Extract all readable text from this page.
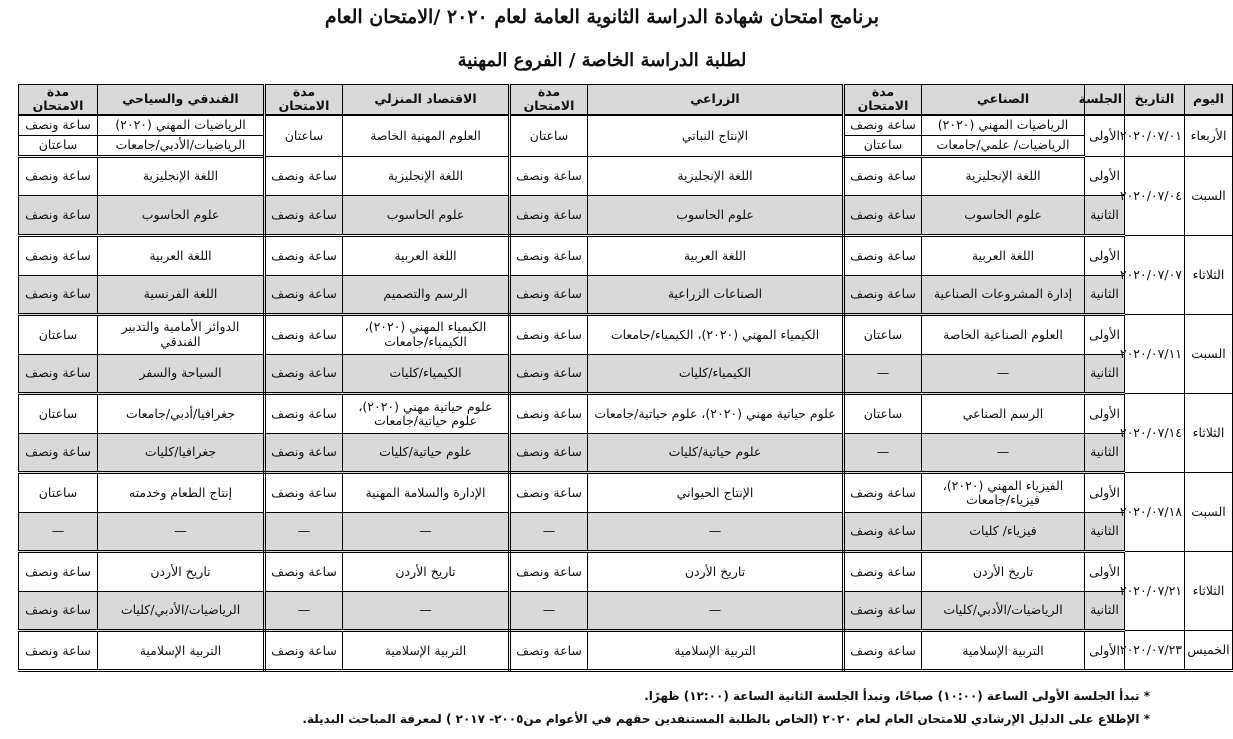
برنامج امتحان شهادة الدراسة الثانوية العامة لعام ٢٠٢٠ /الامتحان العام
لطلبة الدراسة الخاصة / الفروع المهنية
اليوم	التاريخ	الجلسة	الصناعي	مدة الامتحان	الزراعي	مدة الامتحان	الاقتصاد المنزلي	مدة الامتحان	الفندقي والسياحي	مدة الامتحان
الأربعاء	٢٠٢٠/٠٧/٠١	الأولى	الرياضيات المهني (٢٠٢٠)	ساعة ونصف	الإنتاج النباتي	ساعتان	العلوم المهنية الخاصة	ساعتان	الرياضيات المهني (٢٠٢٠)	ساعة ونصف
			الرياضيات/ علمي/جامعات	ساعتان					الرياضيات/الأدبي/جامعات	ساعتان
السبت	٢٠٢٠/٠٧/٠٤	الأولى	اللغة الإنجليزية	ساعة ونصف	اللغة الإنجليزية	ساعة ونصف	اللغة الإنجليزية	ساعة ونصف	اللغة الإنجليزية	ساعة ونصف
		الثانية	علوم الحاسوب	ساعة ونصف	علوم الحاسوب	ساعة ونصف	علوم الحاسوب	ساعة ونصف	علوم الحاسوب	ساعة ونصف
الثلاثاء	٢٠٢٠/٠٧/٠٧	الأولى	اللغة العربية	ساعة ونصف	اللغة العربية	ساعة ونصف	اللغة العربية	ساعة ونصف	اللغة العربية	ساعة ونصف
		الثانية	إدارة المشروعات الصناعية	ساعة ونصف	الصناعات الزراعية	ساعة ونصف	الرسم والتصميم	ساعة ونصف	اللغة الفرنسية	ساعة ونصف
السبت	٢٠٢٠/٠٧/١١	الأولى	العلوم الصناعية الخاصة	ساعتان	الكيمياء المهني (٢٠٢٠)، الكيمياء/جامعات	ساعة ونصف	الكيمياء المهني (٢٠٢٠)، الكيمياء/جامعات	ساعة ونصف	الدوائر الأمامية والتدبير الفندقي	ساعتان
		الثانية	—	—	الكيمياء/كليات	ساعة ونصف	الكيمياء/كليات	ساعة ونصف	السياحة والسفر	ساعة ونصف
الثلاثاء	٢٠٢٠/٠٧/١٤	الأولى	الرسم الصناعي	ساعتان	علوم حياتية مهني (٢٠٢٠)، علوم حياتية/جامعات	ساعة ونصف	علوم حياتية مهني (٢٠٢٠)، علوم حياتية/جامعات	ساعة ونصف	جغرافيا/أدبي/جامعات	ساعتان
		الثانية	—	—	علوم حياتية/كليات	ساعة ونصف	علوم حياتية/كليات	ساعة ونصف	جغرافيا/كليات	ساعة ونصف
السبت	٢٠٢٠/٠٧/١٨	الأولى	الفيزياء المهني (٢٠٢٠)، فيزياء/جامعات	ساعة ونصف	الإنتاج الحيواني	ساعة ونصف	الإدارة والسلامة المهنية	ساعة ونصف	إنتاج الطعام وخدمته	ساعتان
		الثانية	فيزياء/ كليات	ساعة ونصف	—	—	—	—	—	—
الثلاثاء	٢٠٢٠/٠٧/٢١	الأولى	تاريخ الأردن	ساعة ونصف	تاريخ الأردن	ساعة ونصف	تاريخ الأردن	ساعة ونصف	تاريخ الأردن	ساعة ونصف
		الثانية	الرياضيات/الأدبي/كليات	ساعة ونصف	—	—	—	—	الرياضيات/الأدبي/كليات	ساعة ونصف
الخميس	٢٠٢٠/٠٧/٢٣	الأولى	التربية الإسلامية	ساعة ونصف	التربية الإسلامية	ساعة ونصف	التربية الإسلامية	ساعة ونصف	التربية الإسلامية	ساعة ونصف
* تبدأ الجلسة الأولى الساعة (١٠:٠٠) صباحًا، وتبدأ الجلسة الثانية الساعة (١٢:٠٠) ظهرًا.
* الإطلاع على الدليل الإرشادي للامتحان العام لعام ٢٠٢٠ (الخاص بالطلبة المستنفدين حقهم في الأعوام من٢٠٠٥- ٢٠١٧ ) لمعرفة المباحث البديلة.
